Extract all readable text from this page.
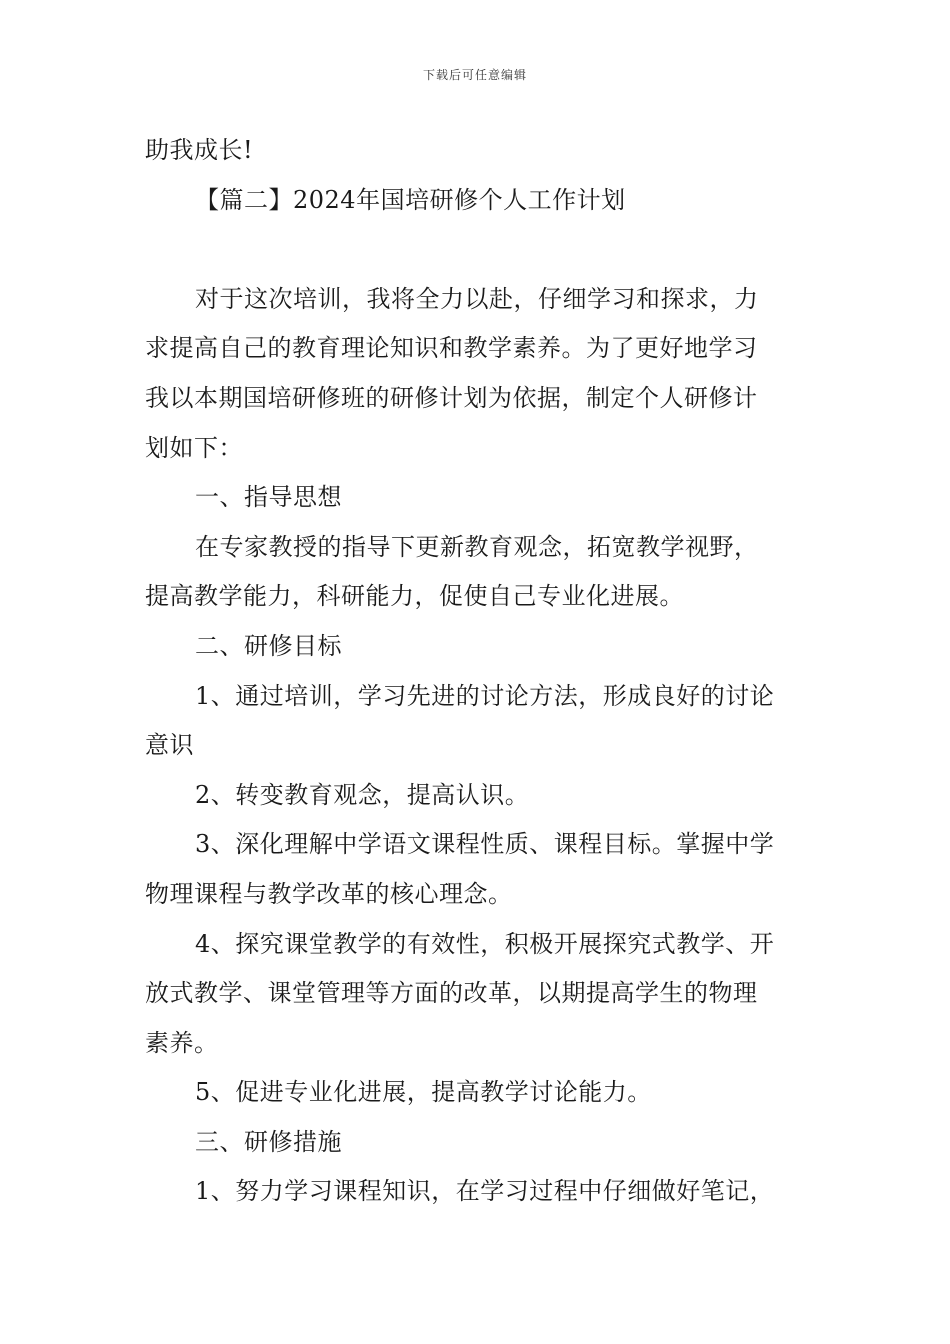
下载后可任意编辑
助我成长!
【篇二】2024年国培研修个人工作计划
对于这次培训，我将全力以赴，仔细学习和探求，力
求提高自己的教育理论知识和教学素养。为了更好地学习
我以本期国培研修班的研修计划为依据，制定个人研修计
划如下：
一、指导思想
在专家教授的指导下更新教育观念，拓宽教学视野，
提高教学能力，科研能力，促使自己专业化进展。
二、研修目标
1、通过培训，学习先进的讨论方法，形成良好的讨论
意识
2、转变教育观念，提高认识。
3、深化理解中学语文课程性质、课程目标。掌握中学
物理课程与教学改革的核心理念。
4、探究课堂教学的有效性，积极开展探究式教学、开
放式教学、课堂管理等方面的改革，以期提高学生的物理
素养。
5、促进专业化进展，提高教学讨论能力。
三、研修措施
1、努力学习课程知识，在学习过程中仔细做好笔记，
